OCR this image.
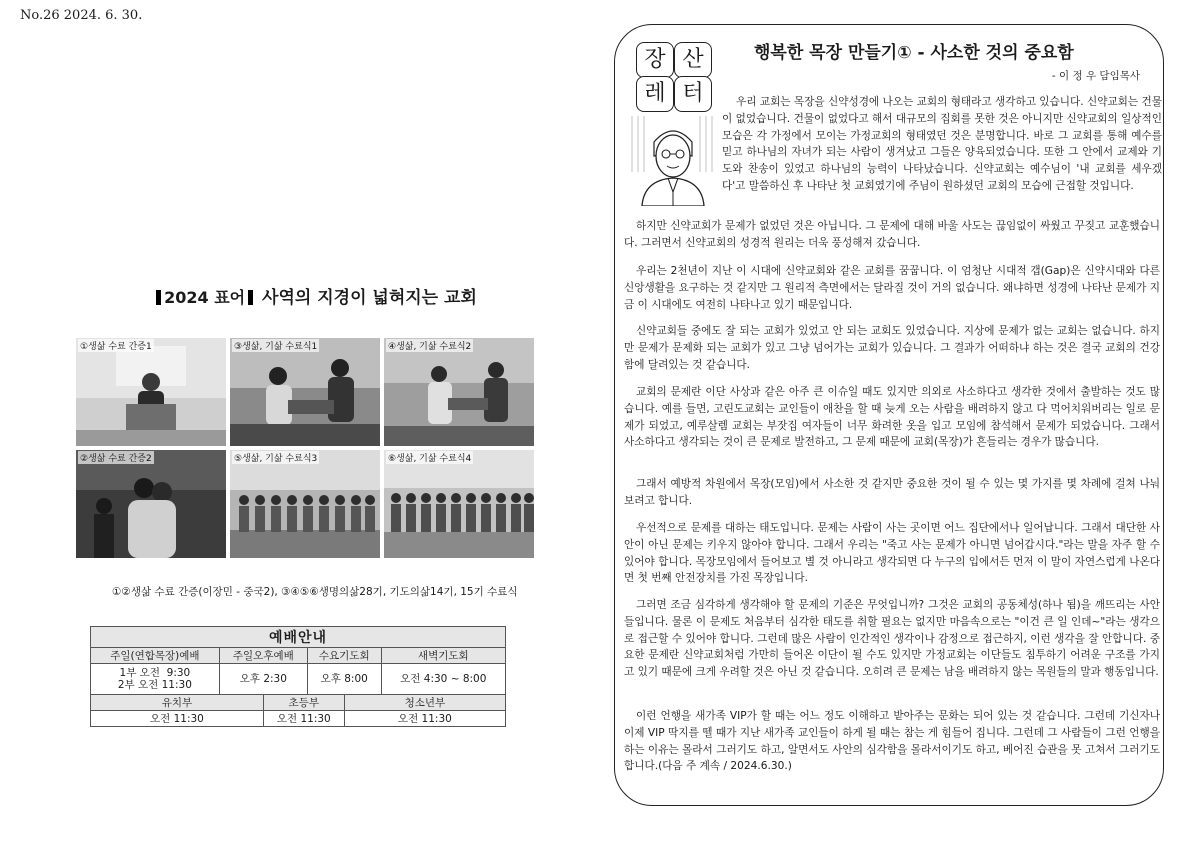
No.26 2024. 6. 30.
2024 표어 사역의 지경이 넓혀지는 교회
①생삶 수료 간증1	③생삶, 기삶 수료식1	④생삶, 기삶 수료식2
②생삶 수료 간증2	⑤생삶, 기삶 수료식3	⑥생삶, 기삶 수료식4
①②생삶 수료 간증(이장민 - 중국2), ③④⑤⑥생명의삶28기, 기도의삶14기, 15기 수료식
예배안내					
주일(연합목장)예배	주일오후예배		수요기도회		새벽기도회
1부 오전  9:30
2부 오전 11:30	오후 2:30		오후 8:00		오전 4:30 ~ 8:00
유치부		초등부		청소년부	
오전 11:30		오전 11:30		오전 11:30	
장 산
레 터
행복한 목장 만들기① - 사소한 것의 중요함
- 이 정 우 담임목사

우리 교회는 목장을 신약성경에 나오는 교회의 형태라고 생각하고 있습니다. 신약교회는 건물이 없었습니다. 건물이 없었다고 해서 대규모의 집회를 못한 것은 아니지만 신약교회의 일상적인 모습은 각 가정에서 모이는 가정교회의 형태였던 것은 분명합니다. 바로 그 교회를 통해 예수를 믿고 하나님의 자녀가 되는 사람이 생겨났고 그들은 양육되었습니다. 또한 그 안에서 교제와 기도와 찬송이 있었고 하나님의 능력이 나타났습니다. 신약교회는 예수님이 '내 교회를 세우겠다'고 말씀하신 후 나타난 첫 교회였기에 주님이 원하셨던 교회의 모습에 근접할 것입니다.

하지만 신약교회가 문제가 없었던 것은 아닙니다. 그 문제에 대해 바울 사도는 끊임없이 싸웠고 꾸짖고 교훈했습니다. 그러면서 신약교회의 성경적 원리는 더욱 풍성해져 갔습니다.

우리는 2천년이 지난 이 시대에 신약교회와 같은 교회를 꿈꿉니다. 이 엄청난 시대적 갭(Gap)은 신약시대와 다른 신앙생활을 요구하는 것 같지만 그 원리적 측면에서는 달라질 것이 거의 없습니다. 왜냐하면 성경에 나타난 문제가 지금 이 시대에도 여전히 나타나고 있기 때문입니다.

신약교회들 중에도 잘 되는 교회가 있었고 안 되는 교회도 있었습니다. 지상에 문제가 없는 교회는 없습니다. 하지만 문제가 문제화 되는 교회가 있고 그냥 넘어가는 교회가 있습니다. 그 결과가 어떠하냐 하는 것은 결국 교회의 건강함에 달려있는 것 같습니다.

교회의 문제란 이단 사상과 같은 아주 큰 이슈일 때도 있지만 의외로 사소하다고 생각한 것에서 출발하는 것도 많습니다. 예를 들면, 고린도교회는 교인들이 애찬을 할 때 늦게 오는 사람을 배려하지 않고 다 먹어치워버리는 일로 문제가 되었고, 예루살렘 교회는 부잣집 여자들이 너무 화려한 옷을 입고 모임에 참석해서 문제가 되었습니다. 그래서 사소하다고 생각되는 것이 큰 문제로 발전하고, 그 문제 때문에 교회(목장)가 흔들리는 경우가 많습니다.

그래서 예방적 차원에서 목장(모임)에서 사소한 것 같지만 중요한 것이 될 수 있는 몇 가지를 몇 차례에 걸쳐 나눠보려고 합니다.

우선적으로 문제를 대하는 태도입니다. 문제는 사람이 사는 곳이면 어느 집단에서나 일어납니다. 그래서 대단한 사안이 아닌 문제는 키우지 않아야 합니다. 그래서 우리는 "죽고 사는 문제가 아니면 넘어갑시다."라는 말을 자주 할 수 있어야 합니다. 목장모임에서 들어보고 별 것 아니라고 생각되면 다 누구의 입에서든 먼저 이 말이 자연스럽게 나온다면 첫 번째 안전장치를 가진 목장입니다.

그러면 조금 심각하게 생각해야 할 문제의 기준은 무엇입니까? 그것은 교회의 공동체성(하나 됨)을 깨뜨리는 사안들입니다. 물론 이 문제도 처음부터 심각한 태도를 취할 필요는 없지만 마음속으로는 "이건 큰 일 인데~"라는 생각으로 접근할 수 있어야 합니다. 그런데 많은 사람이 인간적인 생각이나 감정으로 접근하지, 이런 생각을 잘 안합니다. 중요한 문제란 신약교회처럼 가만히 들어온 이단이 될 수도 있지만 가정교회는 이단들도 침투하기 어려운 구조를 가지고 있기 때문에 크게 우려할 것은 아닌 것 같습니다. 오히려 큰 문제는 남을 배려하지 않는 목원들의 말과 행동입니다.

이런 언행을 새가족 VIP가 할 때는 어느 정도 이해하고 받아주는 문화는 되어 있는 것 같습니다. 그런데 기신자나 이제 VIP 딱지를 뗄 때가 지난 새가족 교인들이 하게 될 때는 참는 게 힘들어 집니다. 그런데 그 사람들이 그런 언행을 하는 이유는 몰라서 그러기도 하고, 알면서도 사안의 심각함을 몰라서이기도 하고, 베어진 습관을 못 고쳐서 그러기도 합니다.(다음 주 계속 / 2024.6.30.)
